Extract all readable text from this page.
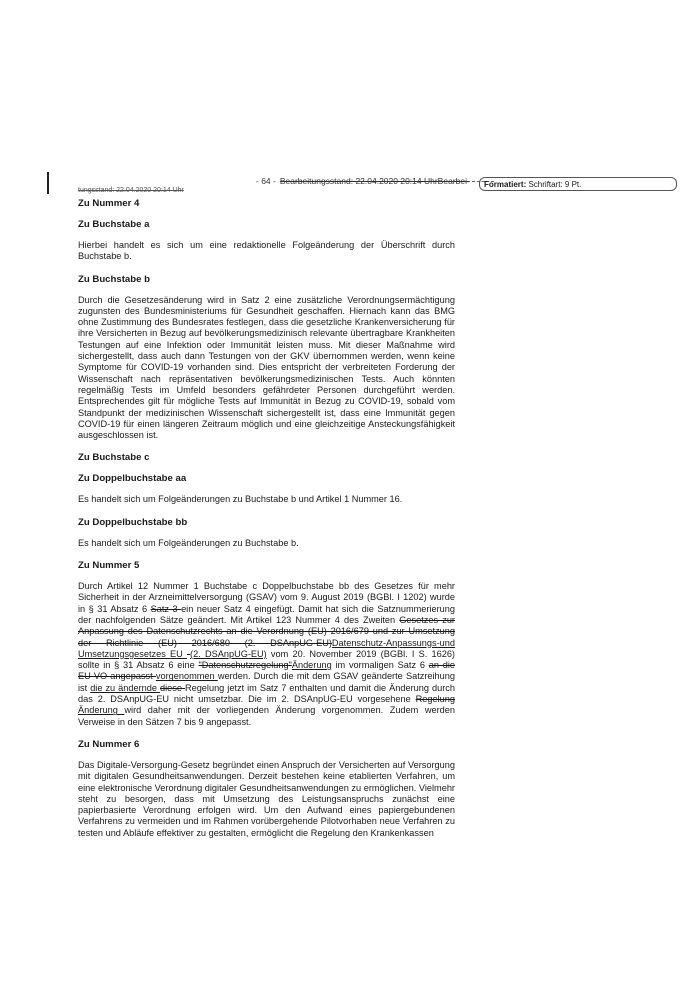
tungsstand: 22.04.2020 20:14 Uhr
- 64 - Bearbeitungsstand: 22.04.2020 20:14 UhrBearbei-	Formatiert: Schriftart: 9 Pt.
Zu Nummer 4
Zu Buchstabe a

Hierbei handelt es sich um eine redaktionelle Folgeänderung der Überschrift durch Buchstabe b.

Zu Buchstabe b

Durch die Gesetzesänderung wird in Satz 2 eine zusätzliche Verordnungsermächtigung zugunsten des Bundesministeriums für Gesundheit geschaffen. Hiernach kann das BMG ohne Zustimmung des Bundesrates festlegen, dass die gesetzliche Krankenversicherung für ihre Versicherten in Bezug auf bevölkerungsmedizinisch relevante übertragbare Krankheiten Testungen auf eine Infektion oder Immunität leisten muss. Mit dieser Maßnahme wird sichergestellt, dass auch dann Testungen von der GKV übernommen werden, wenn keine Symptome für COVID-19 vorhanden sind. Dies entspricht der verbreiteten Forderung der Wissenschaft nach repräsentativen bevölkerungsmedizinischen Tests. Auch könnten regelmäßig Tests im Umfeld besonders gefährdeter Personen durchgeführt werden. Entsprechendes gilt für mögliche Tests auf Immunität in Bezug zu COVID-19, sobald vom Standpunkt der medizinischen Wissenschaft sichergestellt ist, dass eine Immunität gegen COVID-19 für einen längeren Zeitraum möglich und eine gleichzeitige Ansteckungsfähigkeit ausgeschlossen ist.

Zu Buchstabe c
Zu Doppelbuchstabe aa

Es handelt sich um Folgeänderungen zu Buchstabe b und Artikel 1 Nummer 16.

Zu Doppelbuchstabe bb

Es handelt sich um Folgeänderungen zu Buchstabe b.

Zu Nummer 5

Durch Artikel 12 Nummer 1 Buchstabe c Doppelbuchstabe bb des Gesetzes für mehr Sicherheit in der Arzneimittelversorgung (GSAV) vom 9. August 2019 (BGBl. I 1202) wurde in § 31 Absatz 6 Satz 3 ein neuer Satz 4 eingefügt. Damit hat sich die Satznummerierung der nachfolgenden Sätze geändert. Mit Artikel 123 Nummer 4 des Zweiten Gesetzes zur Anpassung des Datenschutzrechts an die Verordnung (EU) 2016/679 und zur Umsetzung der Richtlinie (EU) 2016/680 (2. DSAnpUG-EU)Datenschutz-Anpassungs-und Umsetzungsgesetzes EU -(2. DSAnpUG-EU) vom 20. November 2019 (BGBl. I S. 1626) sollte in § 31 Absatz 6 eine "Datenschutzregelung"Änderung im vormaligen Satz 6 an die EU-VO angepasst vorgenommen werden. Durch die mit dem GSAV geänderte Satzreihung ist die zu ändernde diese Regelung jetzt im Satz 7 enthalten und damit die Änderung durch das 2. DSAnpUG-EU nicht umsetzbar. Die im 2. DSAnpUG-EU vorgesehene Regelung Änderung wird daher mit der vorliegenden Änderung vorgenommen. Zudem werden Verweise in den Sätzen 7 bis 9 angepasst.

Zu Nummer 6

Das Digitale-Versorgung-Gesetz begründet einen Anspruch der Versicherten auf Versorgung mit digitalen Gesundheitsanwendungen. Derzeit bestehen keine etablierten Verfahren, um eine elektronische Verordnung digitaler Gesundheitsanwendungen zu ermöglichen. Vielmehr steht zu besorgen, dass mit Umsetzung des Leistungsanspruchs zunächst eine papierbasierte Verordnung erfolgen wird. Um den Aufwand eines papiergebundenen Verfahrens zu vermeiden und im Rahmen vorübergehende Pilotvorhaben neue Verfahren zu testen und Abläufe effektiver zu gestalten, ermöglicht die Regelung den Krankenkassen
